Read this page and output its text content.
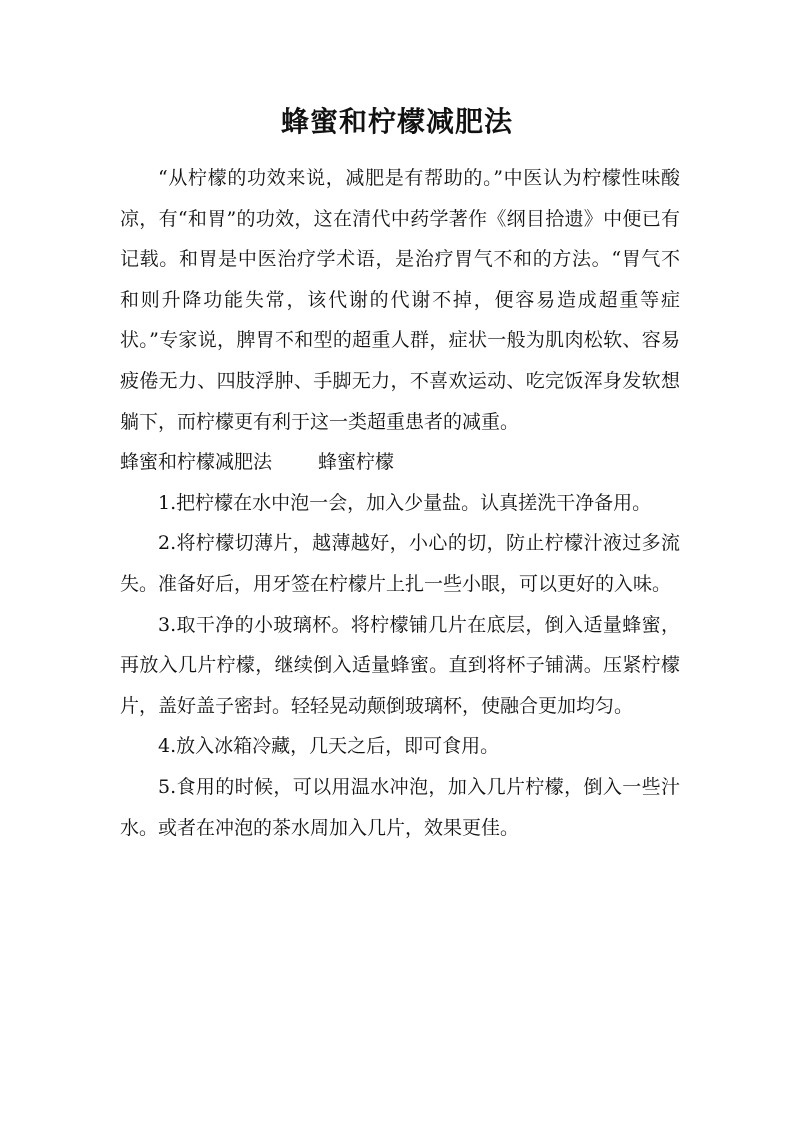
蜂蜜和柠檬减肥法

“从柠檬的功效来说，减肥是有帮助的。”中医认为柠檬性味酸凉，有“和胃”的功效，这在清代中药学著作《纲目拾遗》中便已有记载。和胃是中医治疗学术语，是治疗胃气不和的方法。“胃气不和则升降功能失常，该代谢的代谢不掉，便容易造成超重等症状。”专家说，脾胃不和型的超重人群，症状一般为肌肉松软、容易疲倦无力、四肢浮肿、手脚无力，不喜欢运动、吃完饭浑身发软想躺下，而柠檬更有利于这一类超重患者的减重。

蜂蜜和柠檬减肥法 蜂蜜柠檬

1.把柠檬在水中泡一会，加入少量盐。认真搓洗干净备用。

2.将柠檬切薄片，越薄越好，小心的切，防止柠檬汁液过多流失。准备好后，用牙签在柠檬片上扎一些小眼，可以更好的入味。

3.取干净的小玻璃杯。将柠檬铺几片在底层，倒入适量蜂蜜，再放入几片柠檬，继续倒入适量蜂蜜。直到将杯子铺满。压紧柠檬片，盖好盖子密封。轻轻晃动颠倒玻璃杯，使融合更加均匀。

4.放入冰箱冷藏，几天之后，即可食用。

5.食用的时候，可以用温水冲泡，加入几片柠檬，倒入一些汁水。或者在冲泡的茶水周加入几片，效果更佳。
